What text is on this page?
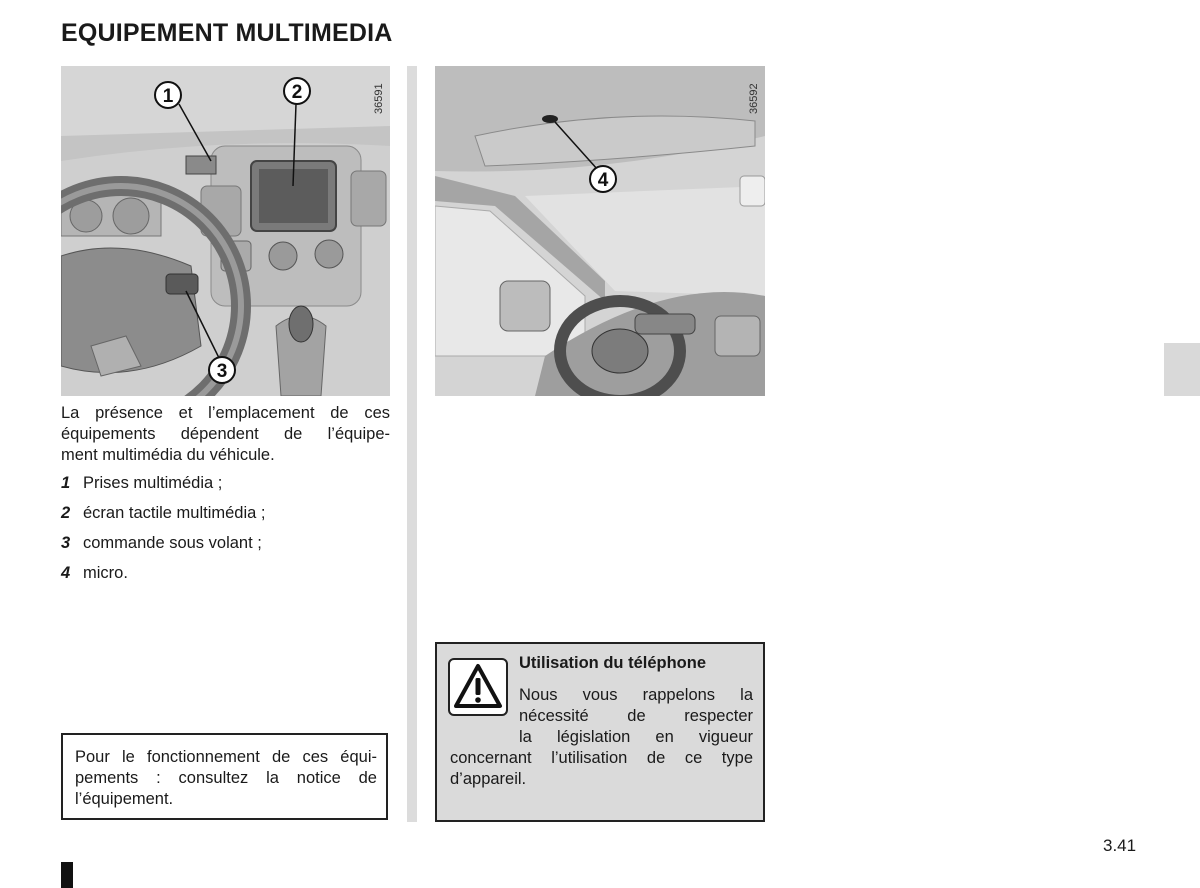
EQUIPEMENT MULTIMEDIA
1	2
3
36591
4
36592
La présence et l’emplacement de ces
équipements dépendent de l’équipe-
ment multimédia du véhicule.
1 Prises multimédia ;
2 écran tactile multimédia ;
3 commande sous volant ;
4 micro.
Pour le fonctionnement de ces équi-
pements : consultez la notice de
l’équipement.
Utilisation du téléphone
Nous vous rappelons la
nécessité de respecter
la législation en vigueur
concernant l’utilisation de ce type
d’appareil.
3.41
